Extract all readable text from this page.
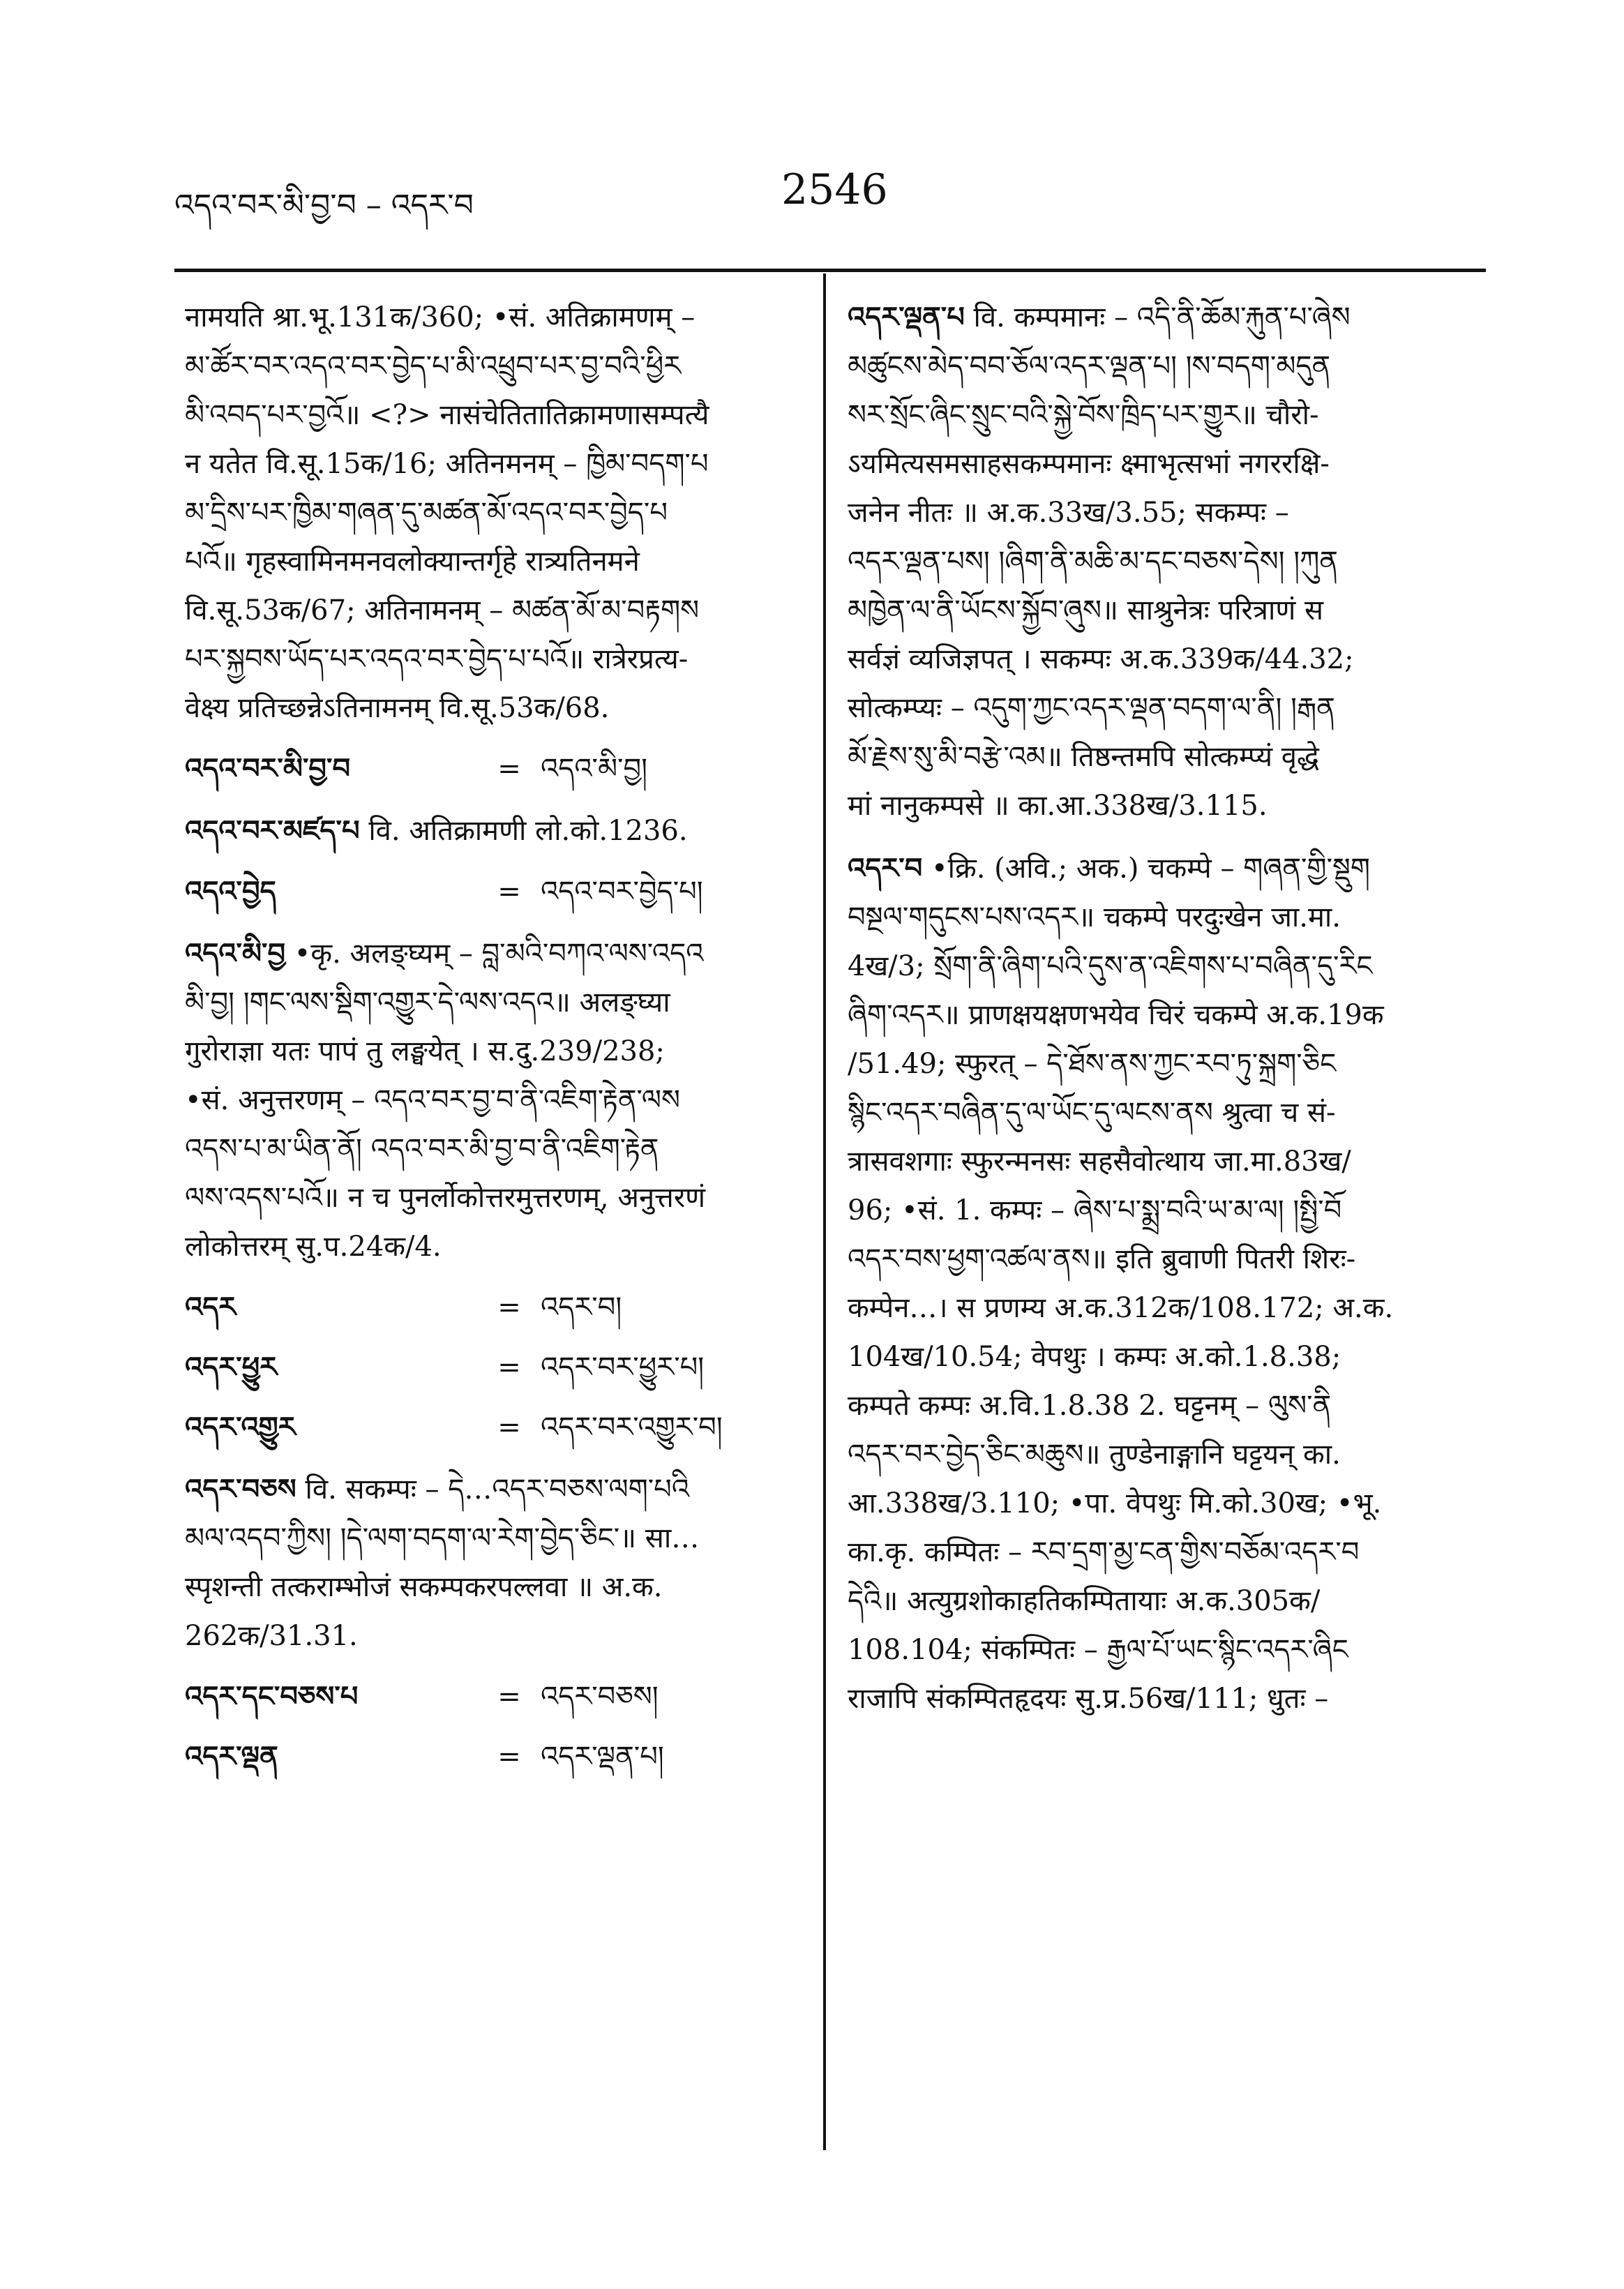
འདའ་བར་མི་བྱ་བ – འདར་བ	2546
नामयति श्रा.भू.131क/360; •सं. अतिक्रामणम् –
མ་ཚོར་བར་འདའ་བར་བྱེད་པ་མི་འཕྲུབ་པར་བྱ་བའི་ཕྱིར
མི་འབད་པར་བྱའོ॥ <?> नासंचेतितातिक्रामणासम्पत्यै
न यतेत वि.सू.15क/16; अतिनमनम् – ཁྱིམ་བདག་པ
མ་དྲིས་པར་ཁྱིམ་གཞན་དུ་མཚན་མོ་འདའ་བར་བྱེད་པ
པའོ॥ गृहस्वामिनमनवलोक्यान्तर्गृहे रात्र्यतिनमने
वि.सू.53क/67; अतिनामनम् – མཚན་མོ་མ་བརྟགས
པར་སྐྱབས་ཡོད་པར་འདའ་བར་བྱེད་པ་པའོ॥ रात्रेरप्रत्य-
वेक्ष्य प्रतिच्छन्नेऽतिनामनम् वि.सू.53क/68.
འདའ་བར་མི་བྱ་བ	= འདའ་མི་བྱ།
འདའ་བར་མཛད་པ वि. अतिक्रामणी लो.को.1236.
འདའ་བྱེད	= འདའ་བར་བྱེད་པ།
འདའ་མི་བྱ •कृ. अलङ्घ्यम् – བླ་མའི་བཀའ་ལས་འདའ
མི་བྱ། །གང་ལས་སྡིག་འགྱུར་དེ་ལས་འདའ॥ अलङ्घ्या
गुरोराज्ञा यतः पापं तु लङ्घयेत् । स.दु.239/238;
•सं. अनुत्तरणम् – འདའ་བར་བྱ་བ་ནི་འཇིག་རྟེན་ལས
འདས་པ་མ་ཡིན་ནོ། འདའ་བར་མི་བྱ་བ་ནི་འཇིག་རྟེན
ལས་འདས་པའོ॥ न च पुनर्लोकोत्तरमुत्तरणम्, अनुत्तरणं
लोकोत्तरम् सु.प.24क/4.
འདར	= འདར་བ།
འདར་ཕྱུར	= འདར་བར་ཕྱུར་པ།
འདར་འགྱུར	= འདར་བར་འགྱུར་བ།
འདར་བཅས वि. सकम्पः – དེ…འདར་བཅས་ལག་པའི
མལ་འདབ་ཀྱིས། །དེ་ལག་བདག་ལ་རེག་བྱེད་ཅིང་॥ सा…
स्पृशन्ती तत्कराम्भोजं सकम्पकरपल्लवा ॥ अ.क.
262क/31.31.
འདར་དང་བཅས་པ	= འདར་བཅས།
འདར་ལྡན	= འདར་ལྡན་པ།
འདར་ལྡན་པ वि. कम्पमानः – འདི་ནི་ཆོམ་རྐུན་པ་ཞེས
མཚུངས་མེད་བབ་ཅོལ་འདར་ལྡན་པ། །ས་བདག་མདུན
སར་སྲོང་ཞིང་སྲུང་བའི་སྐྱེ་བོས་ཁྲིད་པར་གྱུར॥ चौरो-
ऽयमित्यसमसाहसकम्पमानः क्ष्माभृत्सभां नगररक्षि-
जनेन नीतः ॥ अ.क.33ख/3.55; सकम्पः –
འདར་ལྡན་པས། །ཞིག་ནི་མཆི་མ་དང་བཅས་དེས། །ཀུན
མཁྱེན་ལ་ནི་ཡོངས་སྐྱོབ་ཞུས॥ साश्रुनेत्रः परित्राणं स
सर्वज्ञं व्यजिज्ञपत् । सकम्पः अ.क.339क/44.32;
सोत्कम्प्यः – འདུག་ཀྱང་འདར་ལྡན་བདག་ལ་ནི། །རྒན
མོ་རྗེས་སུ་མི་བརྩེ་འམ॥ तिष्ठन्तमपि सोत्कम्प्यं वृद्धे
मां नानुकम्पसे ॥ का.आ.338ख/3.115.
འདར་བ •क्रि. (अवि.; अक.) चकम्पे – གཞན་གྱི་སྡུག
བསྔལ་གདུངས་པས་འདར॥ चकम्पे परदुःखेन जा.मा.
4ख/3; སྲོག་ནི་ཞིག་པའི་དུས་ན་འཇིགས་པ་བཞིན་དུ་རིང
ཞིག་འདར॥ प्राणक्षयक्षणभयेव चिरं चकम्पे अ.क.19क
/51.49; स्फुरत् – དེ་ཐོས་ནས་ཀྱང་རབ་ཏུ་སྐྲག་ཅིང
སྙིང་འདར་བཞིན་དུ་ལ་ཡོང་དུ་ལངས་ནས श्रुत्वा च सं-
त्रासवशगाः स्फुरन्मनसः सहसैवोत्थाय जा.मा.83ख/
96; •सं. 1. कम्पः – ཞེས་པ་སྨྲ་བའི་ཡ་མ་ལ། །སྤྱི་བོ
འདར་བས་ཕྱག་འཚལ་ནས॥ इति ब्रुवाणी पितरी शिरः-
कम्पेन…। स प्रणम्य अ.क.312क/108.172; अ.क.
104ख/10.54; वेपथुः । कम्पः अ.को.1.8.38;
कम्पते कम्पः अ.वि.1.8.38 2. घट्टनम् – ལུས་ནི
འདར་བར་བྱེད་ཅིང་མཆུས॥ तुण्डेनाङ्गानि घट्टयन् का.
आ.338ख/3.110; •पा. वेपथुः मि.को.30ख; •भू.
का.कृ. कम्पितः – རབ་དྲག་མྱ་ངན་གྱིས་བཅོམ་འདར་བ
དེའི॥ अत्युग्रशोकाहतिकम्पितायाः अ.क.305क/
108.104; संकम्पितः – རྒྱལ་པོ་ཡང་སྙིང་འདར་ཞིང
राजापि संकम्पितहृदयः सु.प्र.56ख/111; धुतः –
